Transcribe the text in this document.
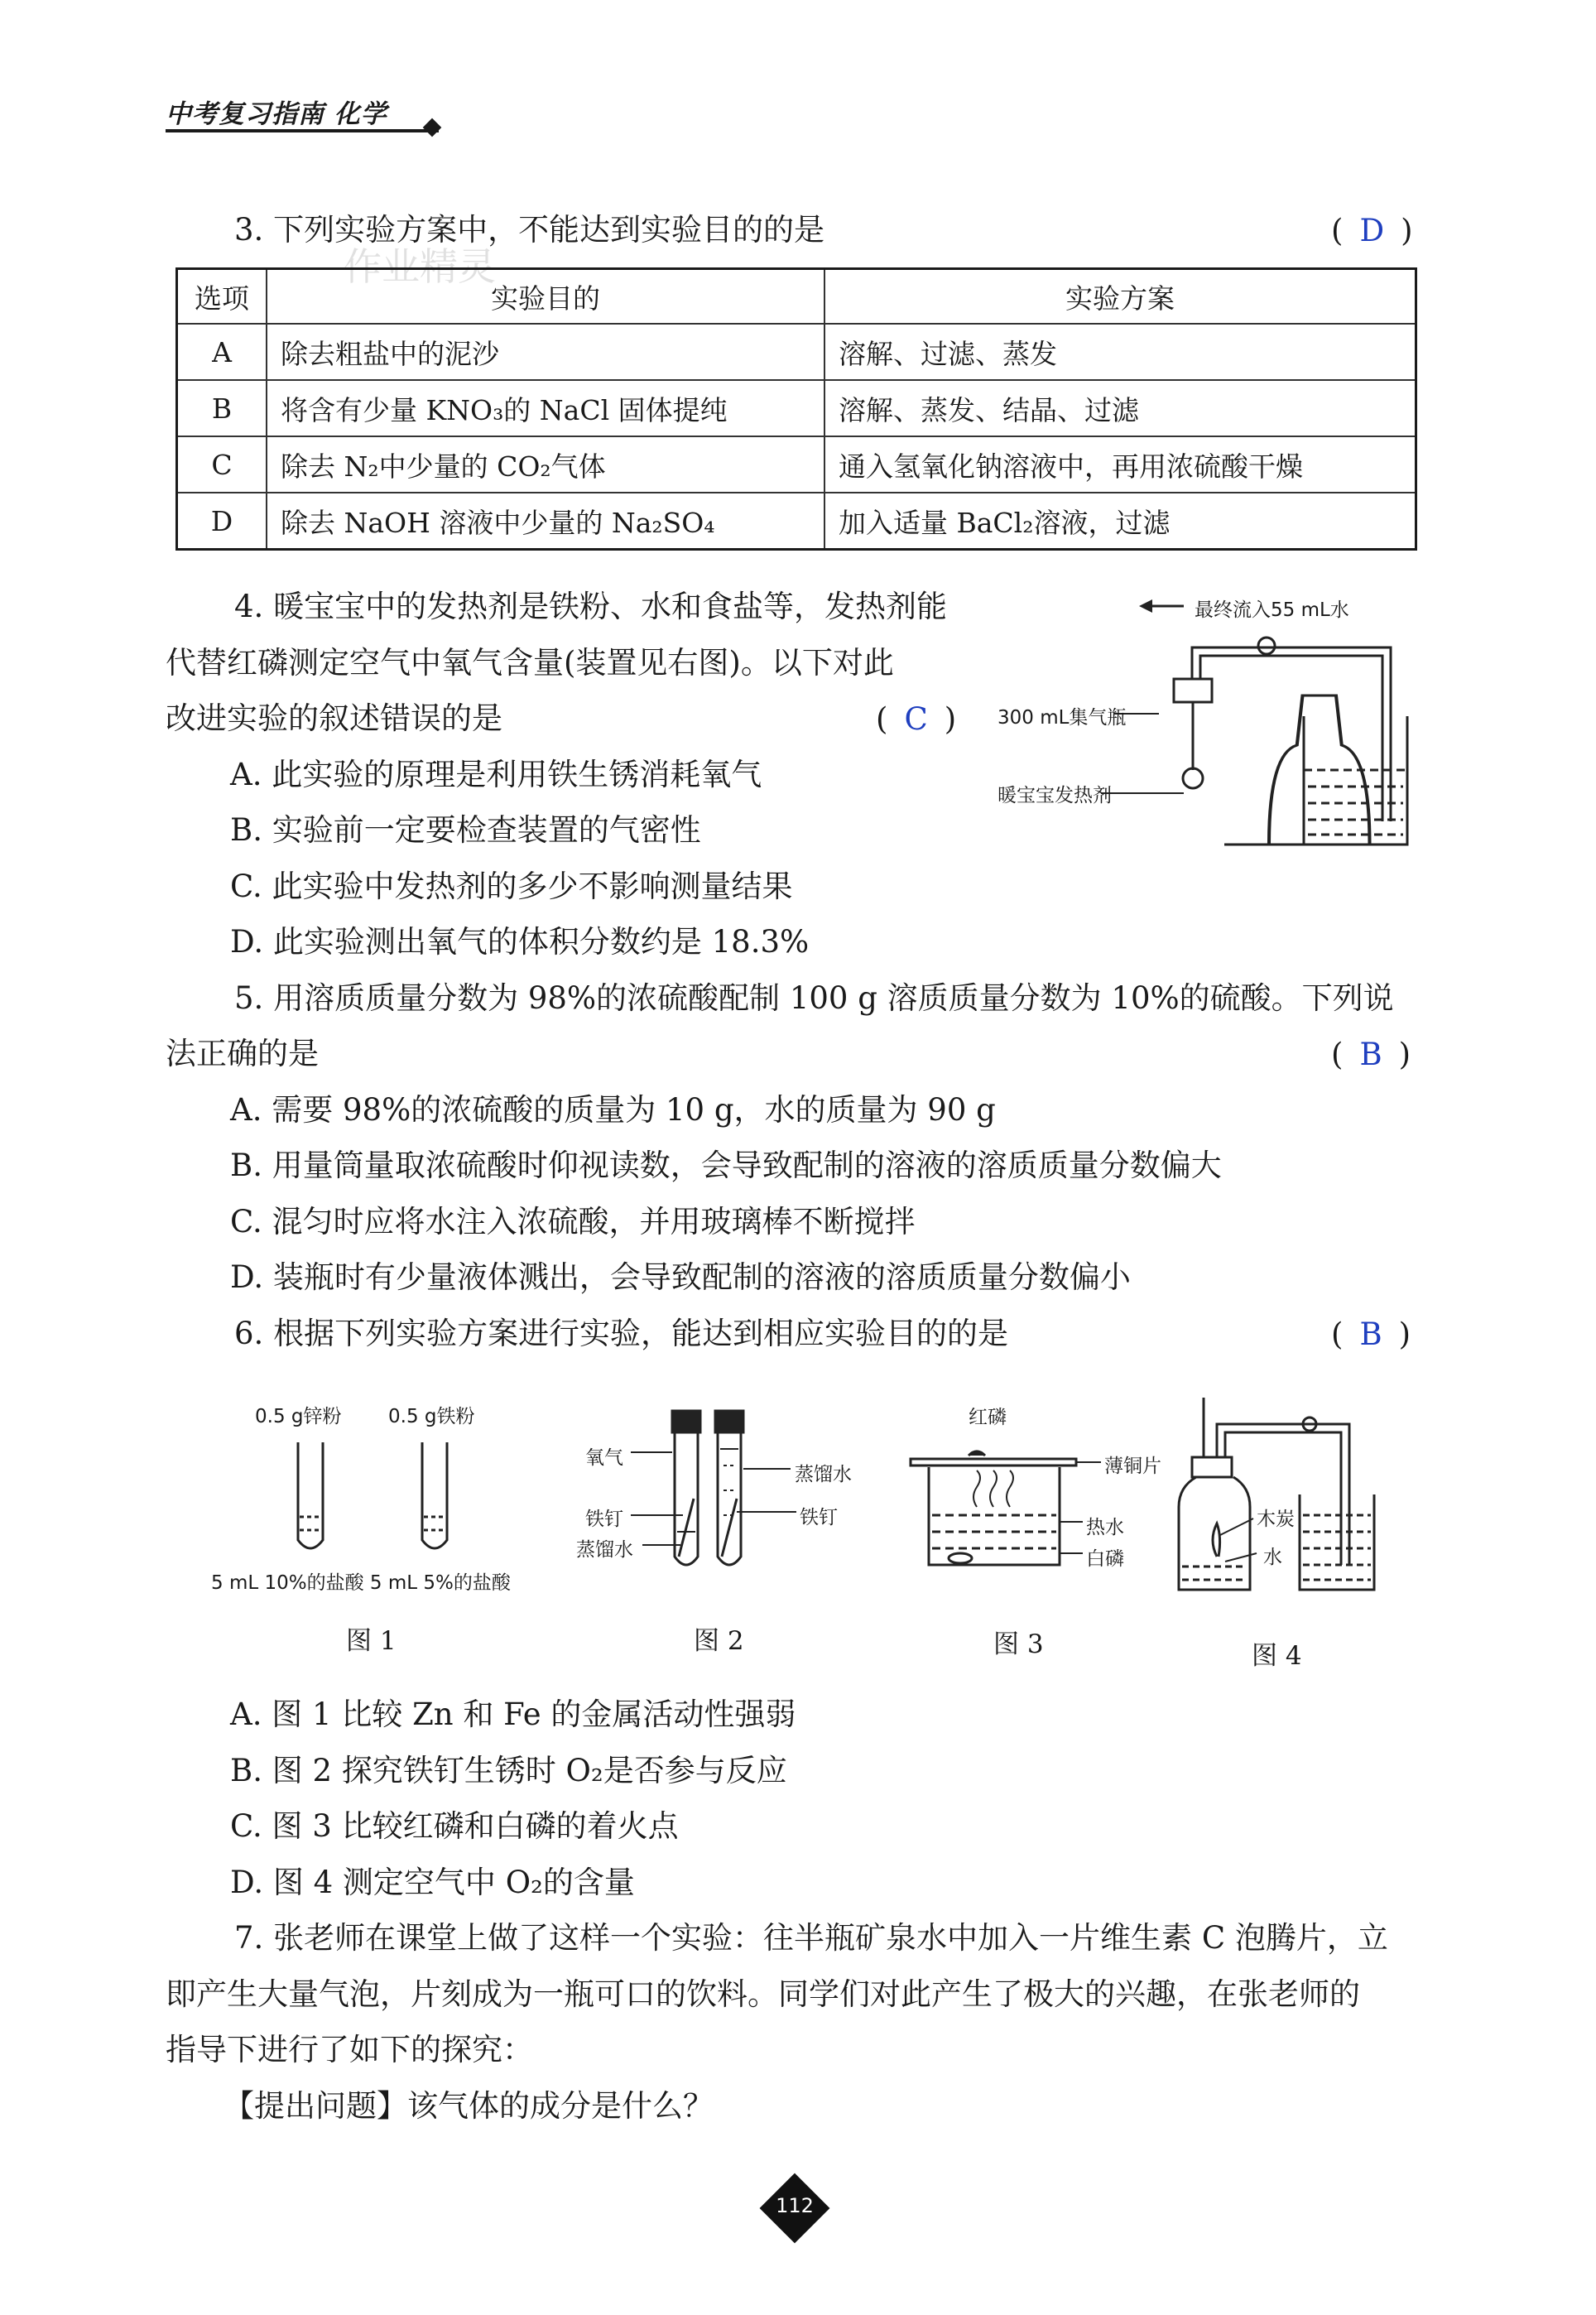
中考复习指南 化学
3. 下列实验方案中，不能达到实验目的的是	( D )
作业精灵
选项	实验目的	实验方案
A	除去粗盐中的泥沙	溶解、过滤、蒸发
B	将含有少量 KNO₃的 NaCl 固体提纯	溶解、蒸发、结晶、过滤
C	除去 N₂中少量的 CO₂气体	通入氢氧化钠溶液中，再用浓硫酸干燥
D	除去 NaOH 溶液中少量的 Na₂SO₄	加入适量 BaCl₂溶液，过滤
4. 暖宝宝中的发热剂是铁粉、水和食盐等，发热剂能
代替红磷测定空气中氧气含量(装置见右图)。以下对此
改进实验的叙述错误的是	( C )
A. 此实验的原理是利用铁生锈消耗氧气
B. 实验前一定要检查装置的气密性
C. 此实验中发热剂的多少不影响测量结果
D. 此实验测出氧气的体积分数约是 18.3%
最终流入55 mL水
300 mL集气瓶
暖宝宝发热剂
5. 用溶质质量分数为 98%的浓硫酸配制 100 g 溶质质量分数为 10%的硫酸。下列说
法正确的是	( B )
A. 需要 98%的浓硫酸的质量为 10 g，水的质量为 90 g
B. 用量筒量取浓硫酸时仰视读数，会导致配制的溶液的溶质质量分数偏大
C. 混匀时应将水注入浓硫酸，并用玻璃棒不断搅拌
D. 装瓶时有少量液体溅出，会导致配制的溶液的溶质质量分数偏小
6. 根据下列实验方案进行实验，能达到相应实验目的的是	( B )
0.5 g锌粉 0.5 g铁粉
5 mL 10%的盐酸 5 mL 5%的盐酸
图 1
氧气
铁钉
蒸馏水
蒸馏水
铁钉
图 2
红磷
薄铜片
热水
白磷
图 3
木炭
水
图 4
A. 图 1 比较 Zn 和 Fe 的金属活动性强弱
B. 图 2 探究铁钉生锈时 O₂是否参与反应
C. 图 3 比较红磷和白磷的着火点
D. 图 4 测定空气中 O₂的含量
7. 张老师在课堂上做了这样一个实验：往半瓶矿泉水中加入一片维生素 C 泡腾片，立
即产生大量气泡，片刻成为一瓶可口的饮料。同学们对此产生了极大的兴趣，在张老师的
指导下进行了如下的探究：
【提出问题】该气体的成分是什么？
112
